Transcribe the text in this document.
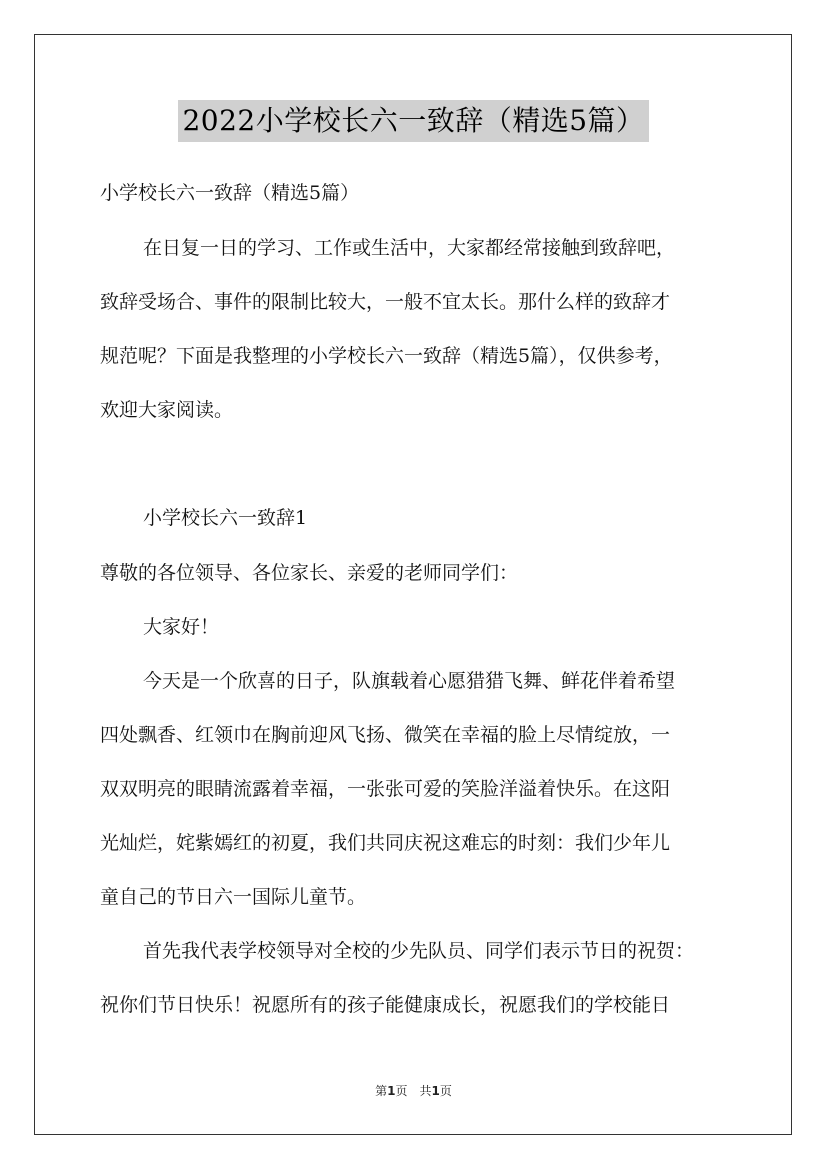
2022小学校长六一致辞（精选5篇）
小学校长六一致辞（精选5篇）
在日复一日的学习、工作或生活中，大家都经常接触到致辞吧，
致辞受场合、事件的限制比较大，一般不宜太长。那什么样的致辞才
规范呢？下面是我整理的小学校长六一致辞（精选5篇），仅供参考，
欢迎大家阅读。
小学校长六一致辞1
尊敬的各位领导、各位家长、亲爱的老师同学们：
大家好！
今天是一个欣喜的日子，队旗载着心愿猎猎飞舞、鲜花伴着希望
四处飘香、红领巾在胸前迎风飞扬、微笑在幸福的脸上尽情绽放，一
双双明亮的眼睛流露着幸福，一张张可爱的笑脸洋溢着快乐。在这阳
光灿烂，姹紫嫣红的初夏，我们共同庆祝这难忘的时刻：我们少年儿
童自己的节日六一国际儿童节。
首先我代表学校领导对全校的少先队员、同学们表示节日的祝贺：
祝你们节日快乐！祝愿所有的孩子能健康成长，祝愿我们的学校能日
第1页　共1页
